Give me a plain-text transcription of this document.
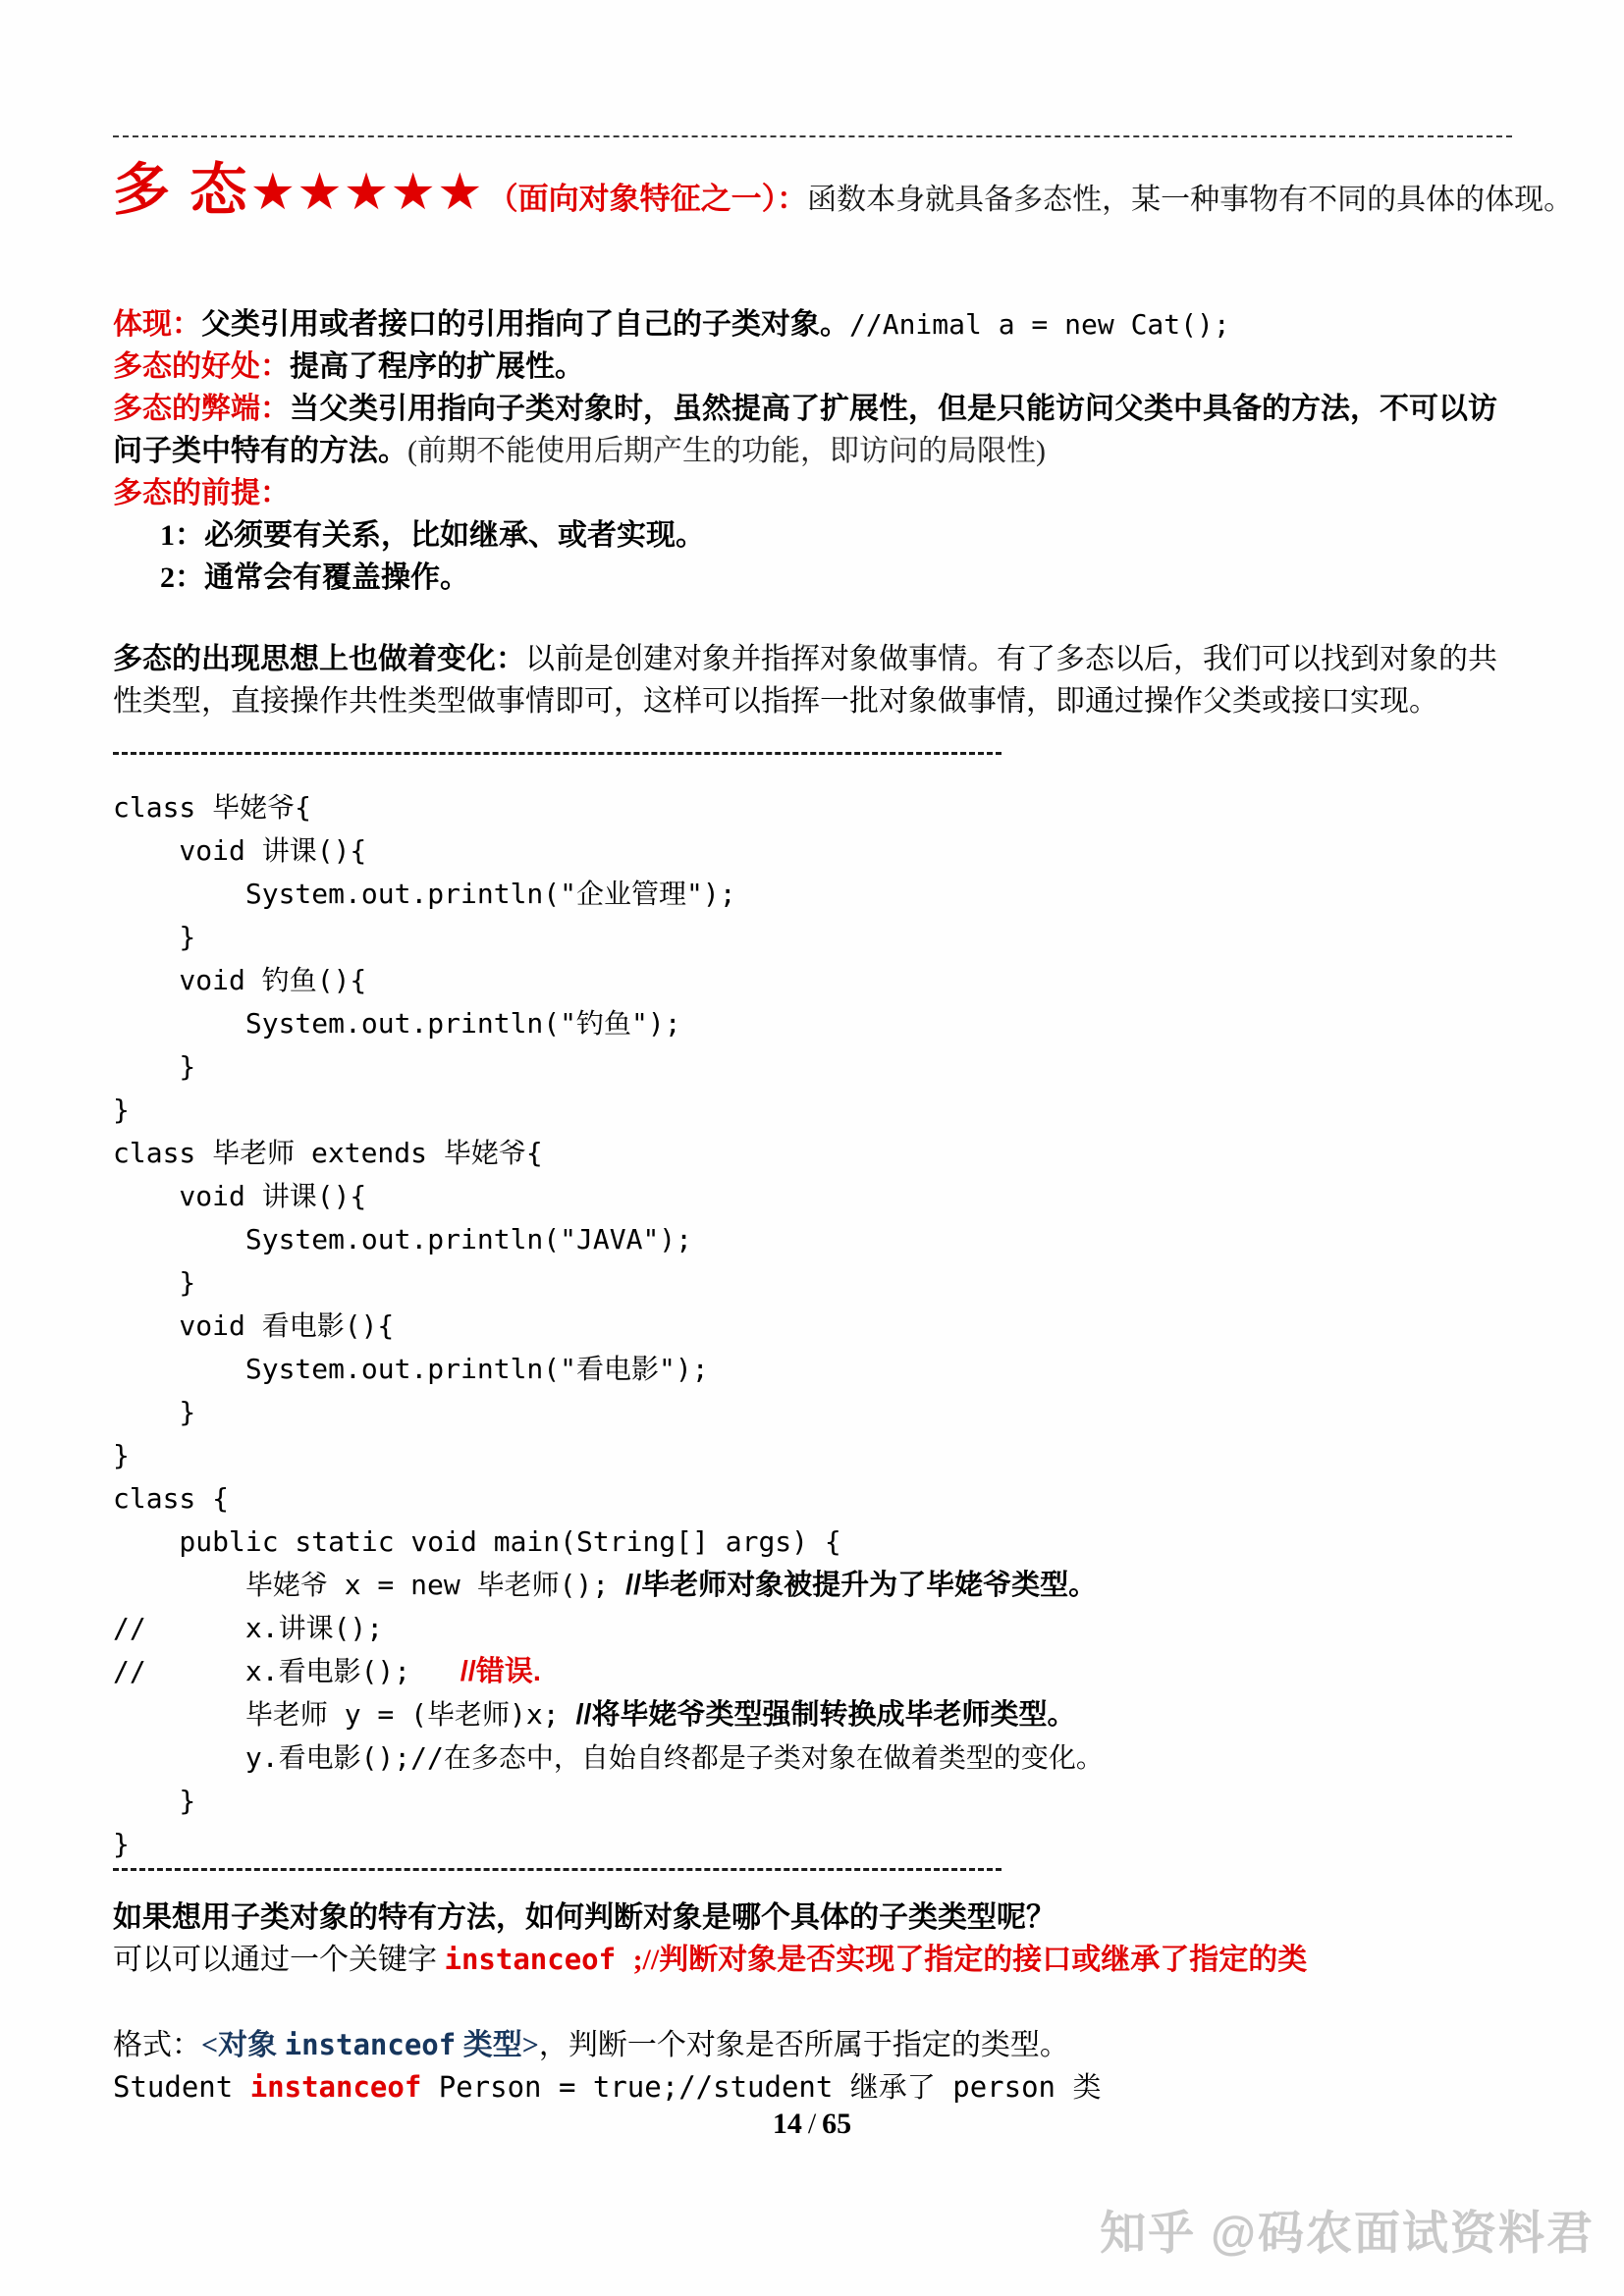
多 态★★★★★ （面向对象特征之一）：函数本身就具备多态性，某一种事物有不同的具体的体现。
体现：父类引用或者接口的引用指向了自己的子类对象。//Animal a = new Cat();
多态的好处：提高了程序的扩展性。
多态的弊端：当父类引用指向子类对象时，虽然提高了扩展性，但是只能访问父类中具备的方法，不可以访问子类中特有的方法。(前期不能使用后期产生的功能，即访问的局限性)
多态的前提：
1：必须要有关系，比如继承、或者实现。
2：通常会有覆盖操作。
多态的出现思想上也做着变化：以前是创建对象并指挥对象做事情。有了多态以后，我们可以找到对象的共性类型，直接操作共性类型做事情即可，这样可以指挥一批对象做事情，即通过操作父类或接口实现。
class 毕姥爷{
void 讲课(){
System.out.println("企业管理");
}
void 钓鱼(){
System.out.println("钓鱼");
}
}
class 毕老师 extends 毕姥爷{
void 讲课(){
System.out.println("JAVA");
}
void 看电影(){
System.out.println("看电影");
}
}
class {
public static void main(String[] args) {
毕姥爷 x = new 毕老师(); //毕老师对象被提升为了毕姥爷类型。
//      x.讲课();
//      x.看电影();   //错误.
毕老师 y = (毕老师)x; //将毕姥爷类型强制转换成毕老师类型。
y.看电影();//在多态中，自始自终都是子类对象在做着类型的变化。
}
}
如果想用子类对象的特有方法，如何判断对象是哪个具体的子类类型呢？
可以可以通过一个关键字 instanceof ;//判断对象是否实现了指定的接口或继承了指定的类
格式：<对象 instanceof 类型>，判断一个对象是否所属于指定的类型。
Student instanceof Person = true;//student 继承了 person 类
14 / 65
知乎 @码农面试资料君
